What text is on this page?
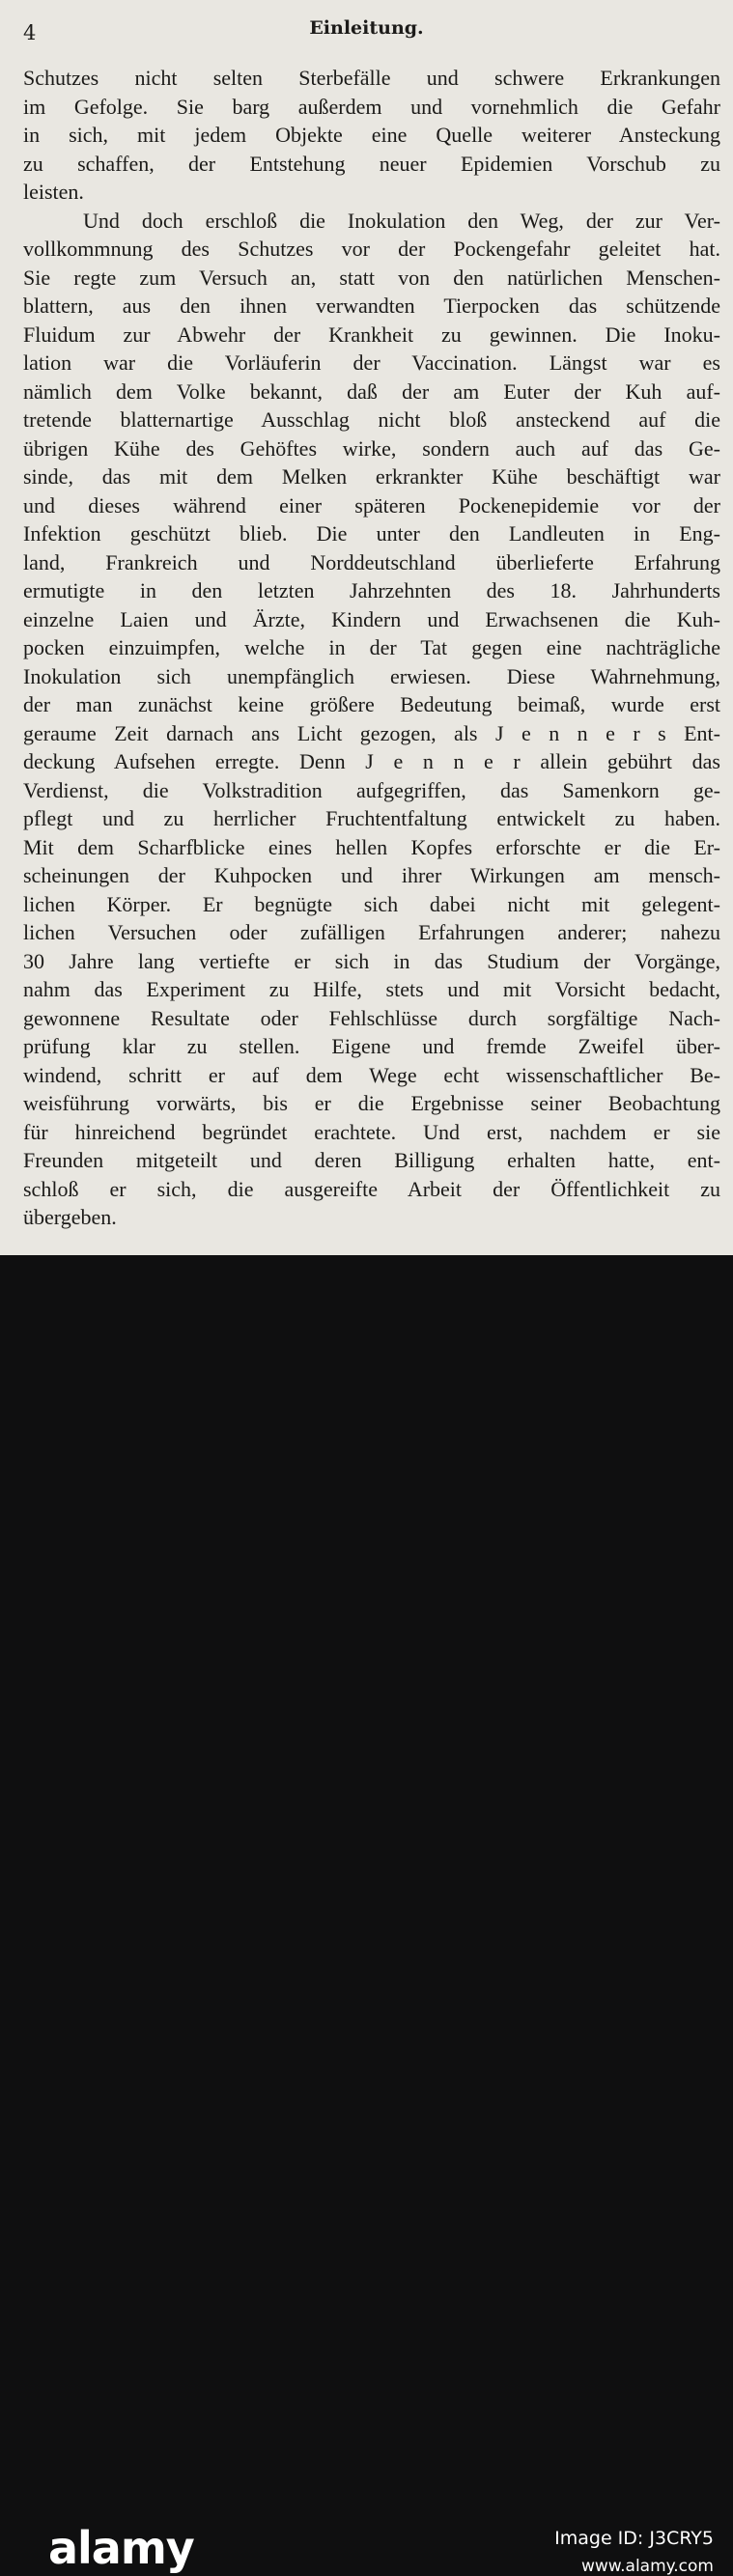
4	Einleitung.
Schutzes nicht selten Sterbefälle und schwere Erkrankungen
im Gefolge. Sie barg außerdem und vornehmlich die Gefahr
in sich, mit jedem Objekte eine Quelle weiterer Ansteckung
zu schaffen, der Entstehung neuer Epidemien Vorschub zu
leisten.
Und doch erschloß die Inokulation den Weg, der zur Ver-
vollkommnung des Schutzes vor der Pockengefahr geleitet hat.
Sie regte zum Versuch an, statt von den natürlichen Menschen-
blattern, aus den ihnen verwandten Tierpocken das schützende
Fluidum zur Abwehr der Krankheit zu gewinnen. Die Inoku-
lation war die Vorläuferin der Vaccination. Längst war es
nämlich dem Volke bekannt, daß der am Euter der Kuh auf-
tretende blatternartige Ausschlag nicht bloß ansteckend auf die
übrigen Kühe des Gehöftes wirke, sondern auch auf das Ge-
sinde, das mit dem Melken erkrankter Kühe beschäftigt war
und dieses während einer späteren Pockenepidemie vor der
Infektion geschützt blieb. Die unter den Landleuten in Eng-
land, Frankreich und Norddeutschland überlieferte Erfahrung
ermutigte in den letzten Jahrzehnten des 18. Jahrhunderts
einzelne Laien und Ärzte, Kindern und Erwachsenen die Kuh-
pocken einzuimpfen, welche in der Tat gegen eine nachträgliche
Inokulation sich unempfänglich erwiesen. Diese Wahrnehmung,
der man zunächst keine größere Bedeutung beimaß, wurde erst
geraume Zeit darnach ans Licht gezogen, als J e n n e r s Ent-
deckung Aufsehen erregte. Denn J e n n e r allein gebührt das
Verdienst, die Volkstradition aufgegriffen, das Samenkorn ge-
pflegt und zu herrlicher Fruchtentfaltung entwickelt zu haben.
Mit dem Scharfblicke eines hellen Kopfes erforschte er die Er-
scheinungen der Kuhpocken und ihrer Wirkungen am mensch-
lichen Körper. Er begnügte sich dabei nicht mit gelegent-
lichen Versuchen oder zufälligen Erfahrungen anderer; nahezu
30 Jahre lang vertiefte er sich in das Studium der Vorgänge,
nahm das Experiment zu Hilfe, stets und mit Vorsicht bedacht,
gewonnene Resultate oder Fehlschlüsse durch sorgfältige Nach-
prüfung klar zu stellen. Eigene und fremde Zweifel über-
windend, schritt er auf dem Wege echt wissenschaftlicher Be-
weisführung vorwärts, bis er die Ergebnisse seiner Beobachtung
für hinreichend begründet erachtete. Und erst, nachdem er sie
Freunden mitgeteilt und deren Billigung erhalten hatte, ent-
schloß er sich, die ausgereifte Arbeit der Öffentlichkeit zu
übergeben.
alamy	Image ID: J3CRY5
www.alamy.com
